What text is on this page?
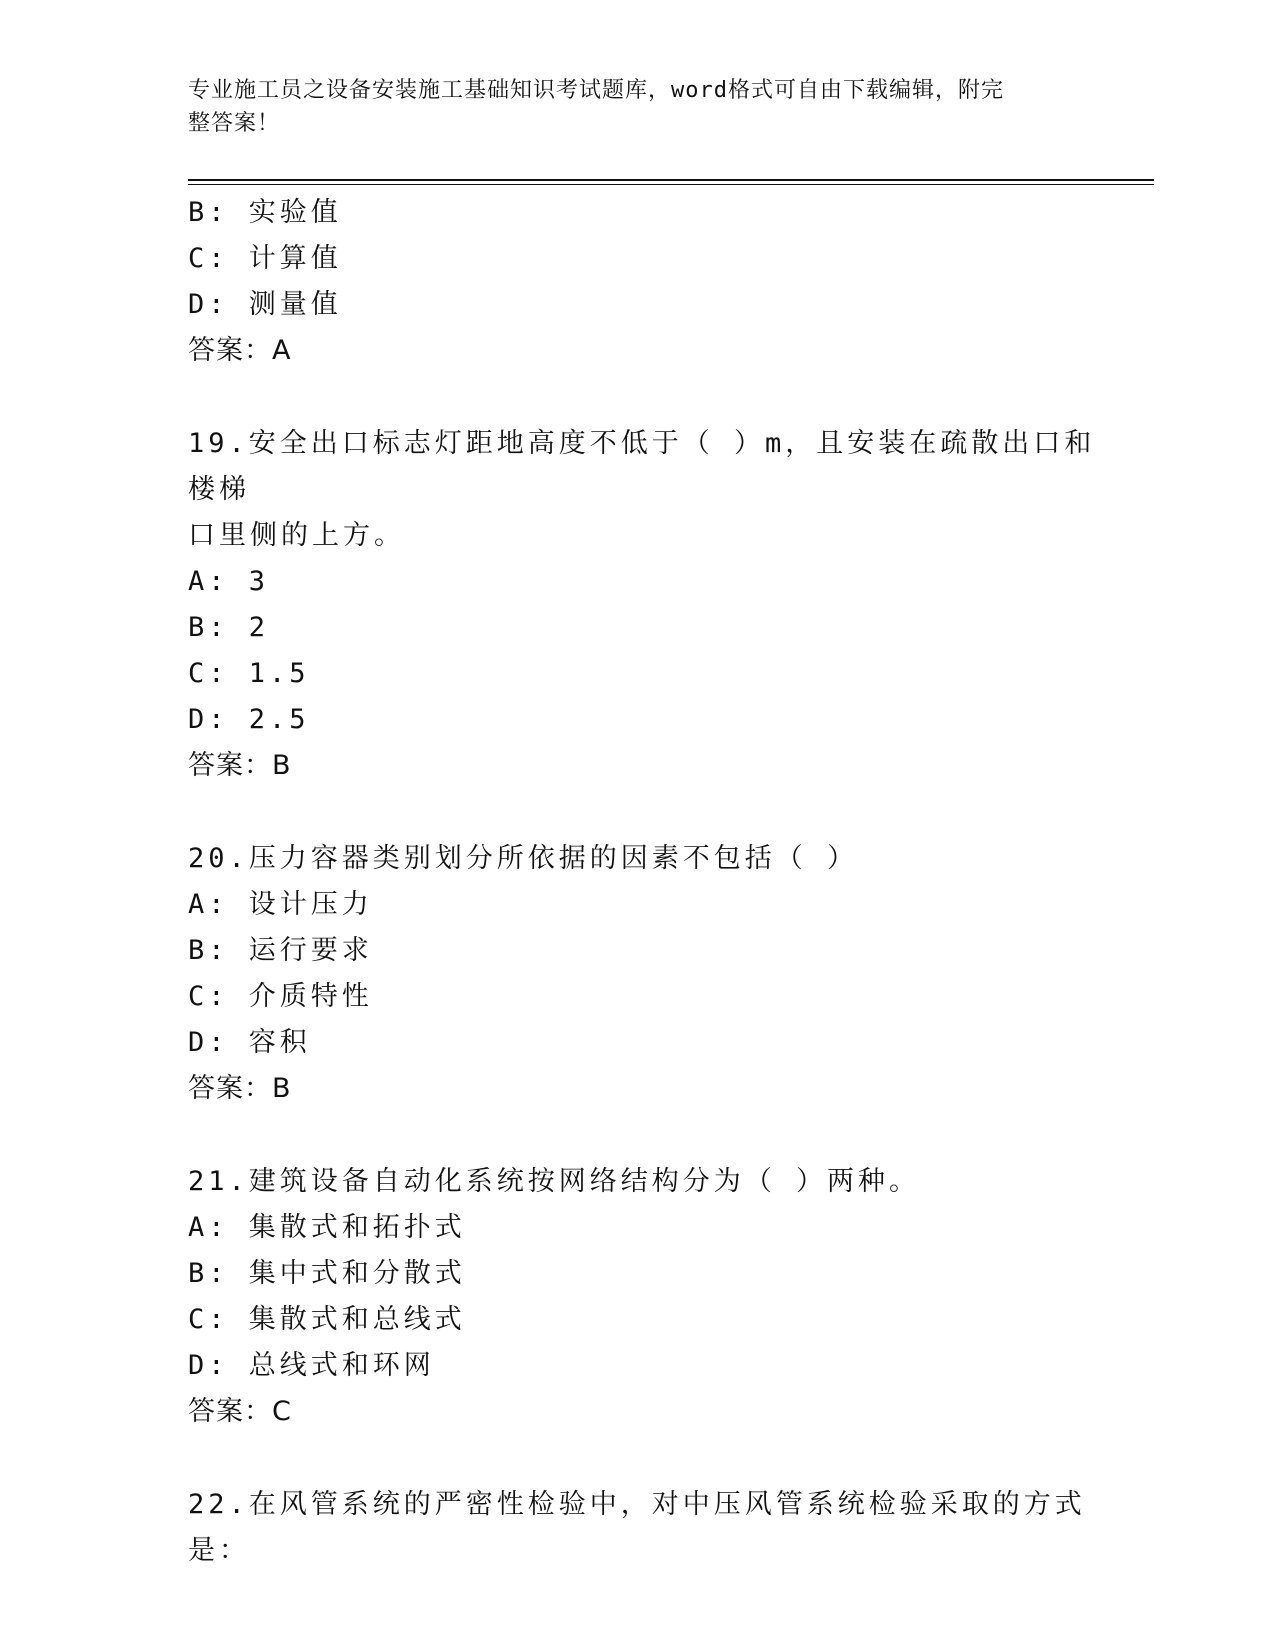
专业施工员之设备安装施工基础知识考试题库，word格式可自由下载编辑，附完
整答案！
B: 实验值
C: 计算值
D: 测量值
答案：A
19.安全出口标志灯距地高度不低于（ ）m，且安装在疏散出口和楼梯
口里侧的上方。
A: 3
B: 2
C: 1.5
D: 2.5
答案：B
20.压力容器类别划分所依据的因素不包括（ ）
A: 设计压力
B: 运行要求
C: 介质特性
D: 容积
答案：B
21.建筑设备自动化系统按网络结构分为（ ）两种。
A: 集散式和拓扑式
B: 集中式和分散式
C: 集散式和总线式
D: 总线式和环网
答案：C
22.在风管系统的严密性检验中，对中压风管系统检验采取的方式是：
